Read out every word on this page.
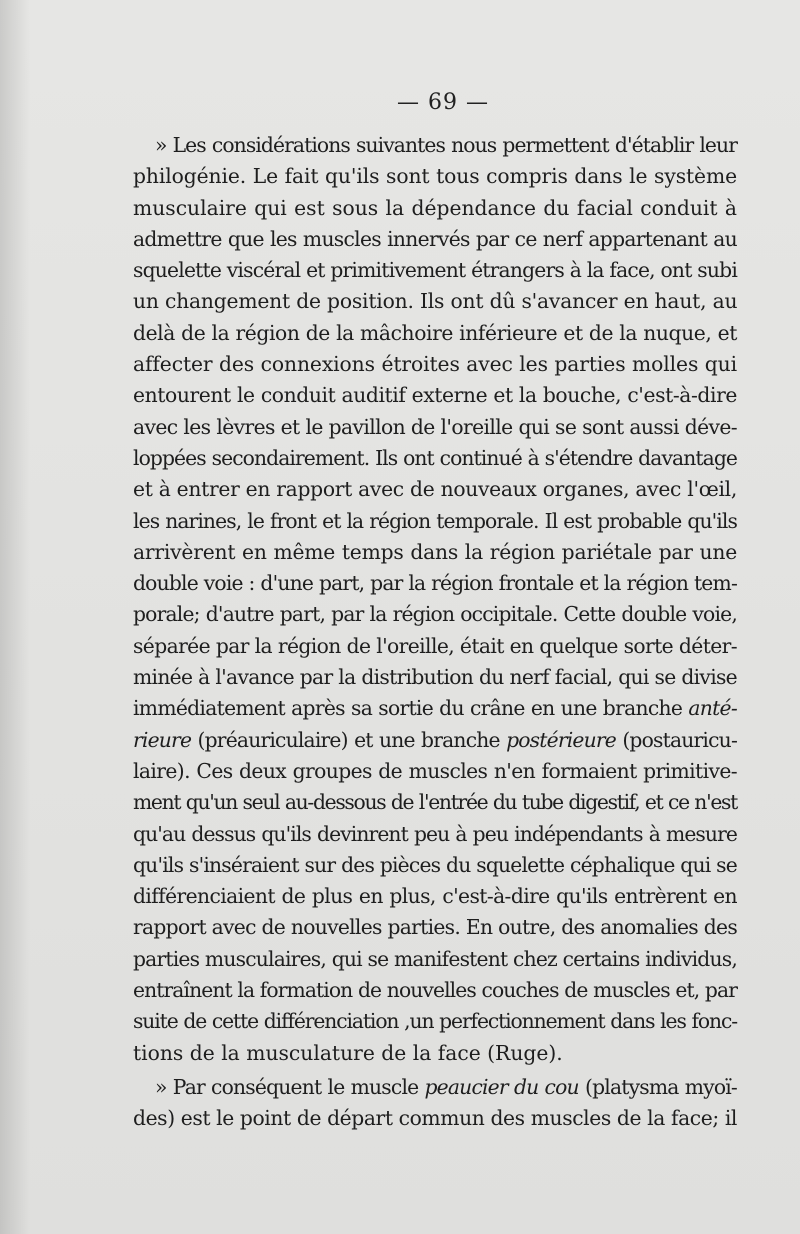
— 69 —
» Les considérations suivantes nous permettent d'établir leur
philogénie. Le fait qu'ils sont tous compris dans le système
musculaire qui est sous la dépendance du facial conduit à
admettre que les muscles innervés par ce nerf appartenant au
squelette viscéral et primitivement étrangers à la face, ont subi
un changement de position. Ils ont dû s'avancer en haut, au
delà de la région de la mâchoire inférieure et de la nuque, et
affecter des connexions étroites avec les parties molles qui
entourent le conduit auditif externe et la bouche, c'est-à-dire
avec les lèvres et le pavillon de l'oreille qui se sont aussi déve-
loppées secondairement. Ils ont continué à s'étendre davantage
et à entrer en rapport avec de nouveaux organes, avec l'œil,
les narines, le front et la région temporale. Il est probable qu'ils
arrivèrent en même temps dans la région pariétale par une
double voie : d'une part, par la région frontale et la région tem-
porale; d'autre part, par la région occipitale. Cette double voie,
séparée par la région de l'oreille, était en quelque sorte déter-
minée à l'avance par la distribution du nerf facial, qui se divise
immédiatement après sa sortie du crâne en une branche anté-
rieure (préauriculaire) et une branche postérieure (postauricu-
laire). Ces deux groupes de muscles n'en formaient primitive-
ment qu'un seul au-dessous de l'entrée du tube digestif, et ce n'est
qu'au dessus qu'ils devinrent peu à peu indépendants à mesure
qu'ils s'inséraient sur des pièces du squelette céphalique qui se
différenciaient de plus en plus, c'est-à-dire qu'ils entrèrent en
rapport avec de nouvelles parties. En outre, des anomalies des
parties musculaires, qui se manifestent chez certains individus,
entraînent la formation de nouvelles couches de muscles et, par
suite de cette différenciation ,un perfectionnement dans les fonc-
tions de la musculature de la face (Ruge).
» Par conséquent le muscle peaucier du cou (platysma myoï-
des) est le point de départ commun des muscles de la face; il
